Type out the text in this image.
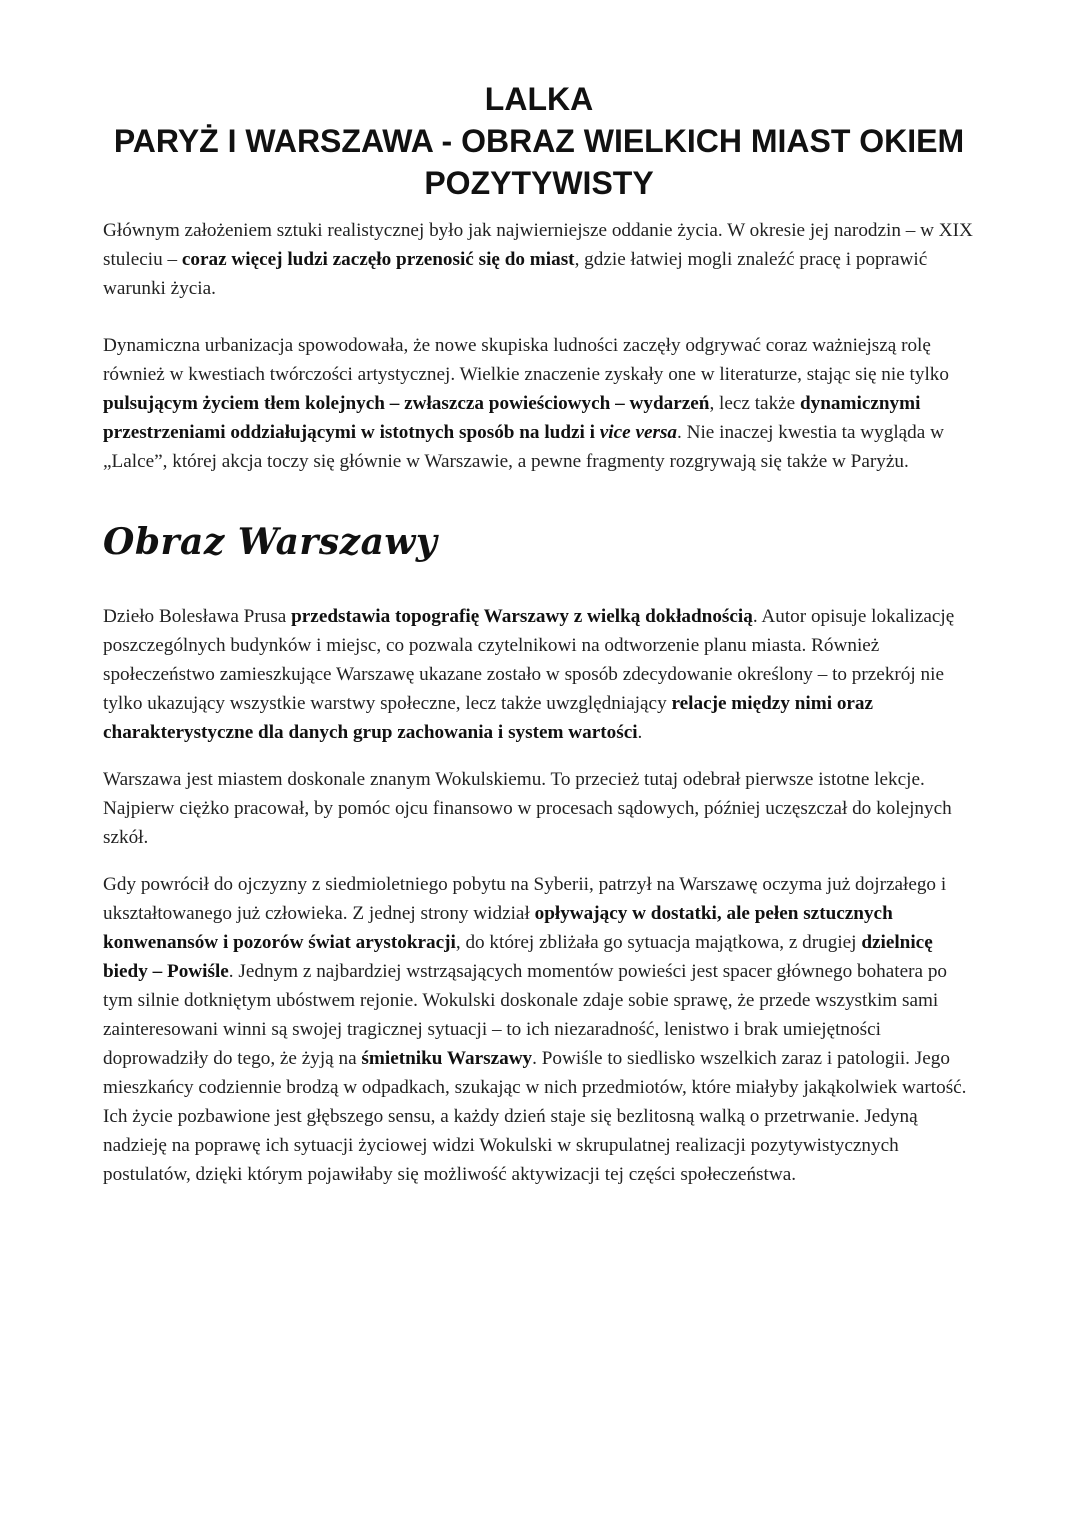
LALKA
PARYŻ I WARSZAWA - OBRAZ WIELKICH MIAST OKIEM
POZYTYWISTY

Głównym założeniem sztuki realistycznej było jak najwierniejsze oddanie życia. W okresie jej narodzin – w XIX stuleciu – coraz więcej ludzi zaczęło przenosić się do miast, gdzie łatwiej mogli znaleźć pracę i poprawić warunki życia.

Dynamiczna urbanizacja spowodowała, że nowe skupiska ludności zaczęły odgrywać coraz ważniejszą rolę również w kwestiach twórczości artystycznej. Wielkie znaczenie zyskały one w literaturze, stając się nie tylko pulsującym życiem tłem kolejnych – zwłaszcza powieściowych – wydarzeń, lecz także dynamicznymi przestrzeniami oddziałującymi w istotnych sposób na ludzi i vice versa. Nie inaczej kwestia ta wygląda w „Lalce”, której akcja toczy się głównie w Warszawie, a pewne fragmenty rozgrywają się także w Paryżu.

Obraz Warszawy

Dzieło Bolesława Prusa przedstawia topografię Warszawy z wielką dokładnością. Autor opisuje lokalizację poszczególnych budynków i miejsc, co pozwala czytelnikowi na odtworzenie planu miasta. Również społeczeństwo zamieszkujące Warszawę ukazane zostało w sposób zdecydowanie określony – to przekrój nie tylko ukazujący wszystkie warstwy społeczne, lecz także uwzględniający relacje między nimi oraz charakterystyczne dla danych grup zachowania i system wartości.

Warszawa jest miastem doskonale znanym Wokulskiemu. To przecież tutaj odebrał pierwsze istotne lekcje. Najpierw ciężko pracował, by pomóc ojcu finansowo w procesach sądowych, później uczęszczał do kolejnych szkół.

Gdy powrócił do ojczyzny z siedmioletniego pobytu na Syberii, patrzył na Warszawę oczyma już dojrzałego i ukształtowanego już człowieka. Z jednej strony widział opływający w dostatki, ale pełen sztucznych konwenansów i pozorów świat arystokracji, do której zbliżała go sytuacja majątkowa, z drugiej dzielnicę biedy – Powiśle. Jednym z najbardziej wstrząsających momentów powieści jest spacer głównego bohatera po tym silnie dotkniętym ubóstwem rejonie. Wokulski doskonale zdaje sobie sprawę, że przede wszystkim sami zainteresowani winni są swojej tragicznej sytuacji – to ich niezaradność, lenistwo i brak umiejętności doprowadziły do tego, że żyją na śmietniku Warszawy. Powiśle to siedlisko wszelkich zaraz i patologii. Jego mieszkańcy codziennie brodzą w odpadkach, szukając w nich przedmiotów, które miałyby jakąkolwiek wartość. Ich życie pozbawione jest głębszego sensu, a każdy dzień staje się bezlitosną walką o przetrwanie. Jedyną nadzieję na poprawę ich sytuacji życiowej widzi Wokulski w skrupulatnej realizacji pozytywistycznych postulatów, dzięki którym pojawiłaby się możliwość aktywizacji tej części społeczeństwa.
